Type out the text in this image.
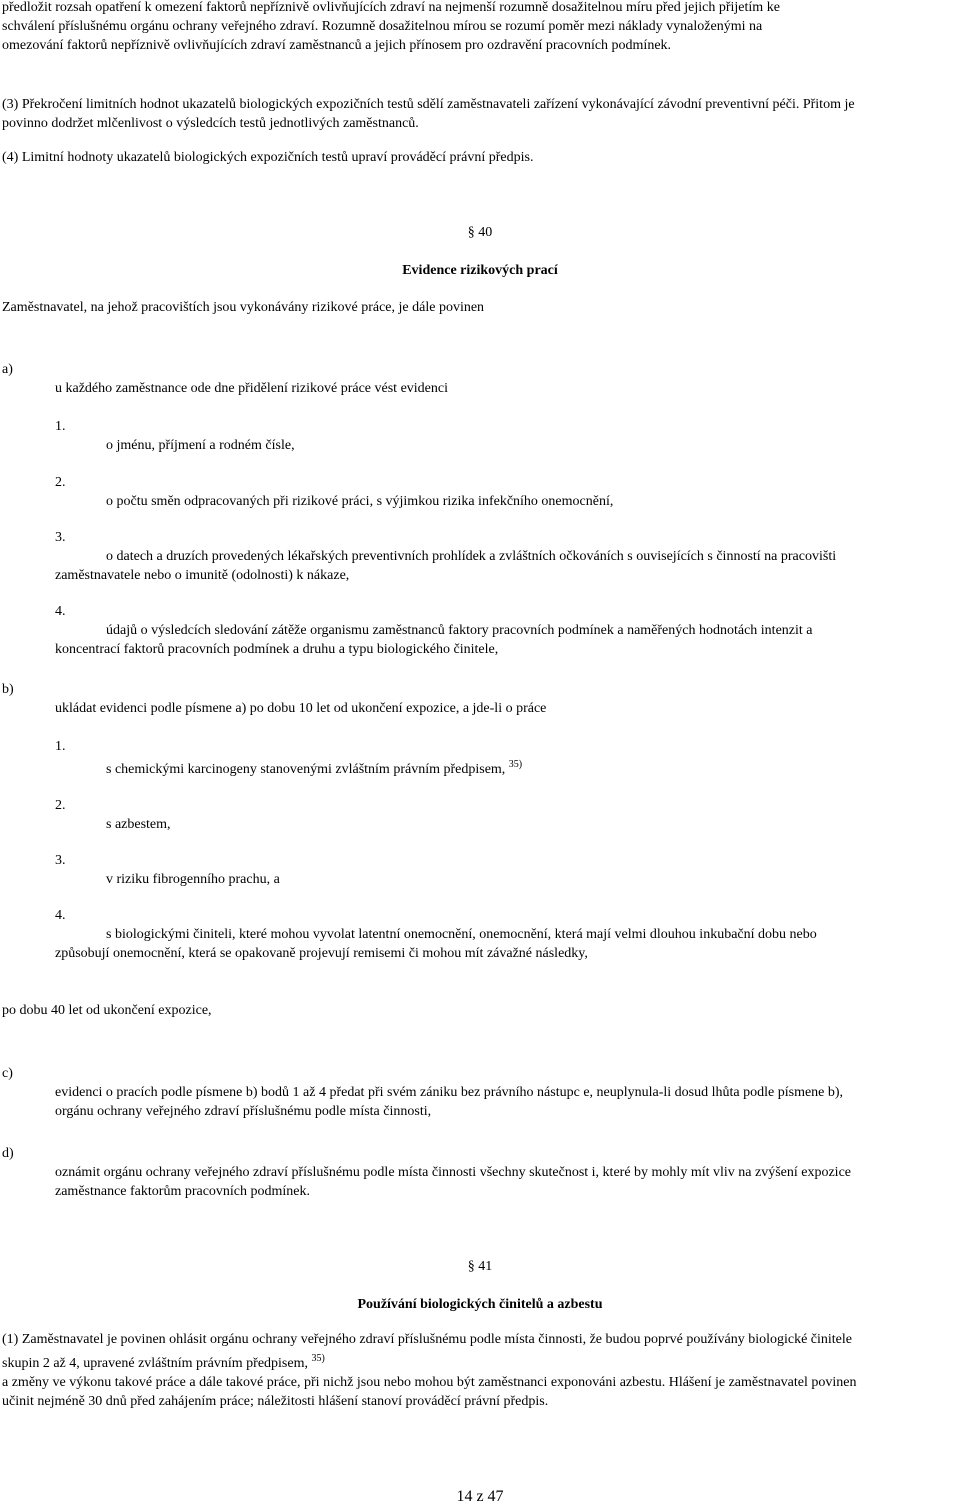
předložit rozsah opatření k omezení faktorů nepříznivě ovlivňujících zdraví na nejmenší rozumně dosažitelnou míru před jejich přijetím ke
schválení příslušnému orgánu ochrany veřejného zdraví. Rozumně dosažitelnou mírou se rozumí poměr mezi náklady vynaloženými na
omezování faktorů nepříznivě ovlivňujících zdraví zaměstnanců a jejich přínosem pro ozdravění pracovních podmínek.
(3) Překročení limitních hodnot ukazatelů biologických expozičních testů sdělí zaměstnavateli zařízení vykonávající závodní preventivní péči. Přitom je
povinno dodržet mlčenlivost o výsledcích testů jednotlivých zaměstnanců.
(4) Limitní hodnoty ukazatelů biologických expozičních testů upraví prováděcí právní předpis.
§ 40
Evidence rizikových prací
Zaměstnavatel, na jehož pracovištích jsou vykonávány rizikové práce, je dále povinen
a)
u každého zaměstnance ode dne přidělení rizikové práce vést evidenci
1.
o jménu, příjmení a rodném čísle,
2.
o počtu směn odpracovaných při rizikové práci, s výjimkou rizika infekčního onemocnění,
3.
o datech a druzích provedených lékařských preventivních prohlídek a zvláštních očkováních s ouvisejících s činností na pracovišti
zaměstnavatele nebo o imunitě (odolnosti) k nákaze,
4.
údajů o výsledcích sledování zátěže organismu zaměstnanců faktory pracovních podmínek a naměřených hodnotách intenzit a
koncentrací faktorů pracovních podmínek a druhu a typu biologického činitele,
b)
ukládat evidenci podle písmene a) po dobu 10 let od ukončení expozice, a jde-li o práce
1.
s chemickými karcinogeny stanovenými zvláštním právním předpisem, $^{35)}$
2.
s azbestem,
3.
v riziku fibrogenního prachu, a
4.
s biologickými činiteli, které mohou vyvolat latentní onemocnění, onemocnění, která mají velmi dlouhou inkubační dobu nebo
způsobují onemocnění, která se opakovaně projevují remisemi či mohou mít závažné následky,
po dobu 40 let od ukončení expozice,
c)
evidenci o pracích podle písmene b) bodů 1 až 4 předat při svém zániku bez právního nástupc e, neuplynula-li dosud lhůta podle písmene b),
orgánu ochrany veřejného zdraví příslušnému podle místa činnosti,
d)
oznámit orgánu ochrany veřejného zdraví příslušnému podle místa činnosti všechny skutečnost i, které by mohly mít vliv na zvýšení expozice
zaměstnance faktorům pracovních podmínek.
§ 41
Používání biologických činitelů a azbestu
(1) Zaměstnavatel je povinen ohlásit orgánu ochrany veřejného zdraví příslušnému podle místa činnosti, že budou poprvé používány biologické činitele
skupin 2 až 4, upravené zvláštním právním předpisem, $^{35)}$
a změny ve výkonu takové práce a dále takové práce, při nichž jsou nebo mohou být zaměstnanci exponováni azbestu. Hlášení je zaměstnavatel povinen
učinit nejméně 30 dnů před zahájením práce; náležitosti hlášení stanoví prováděcí právní předpis.
14 z 47
